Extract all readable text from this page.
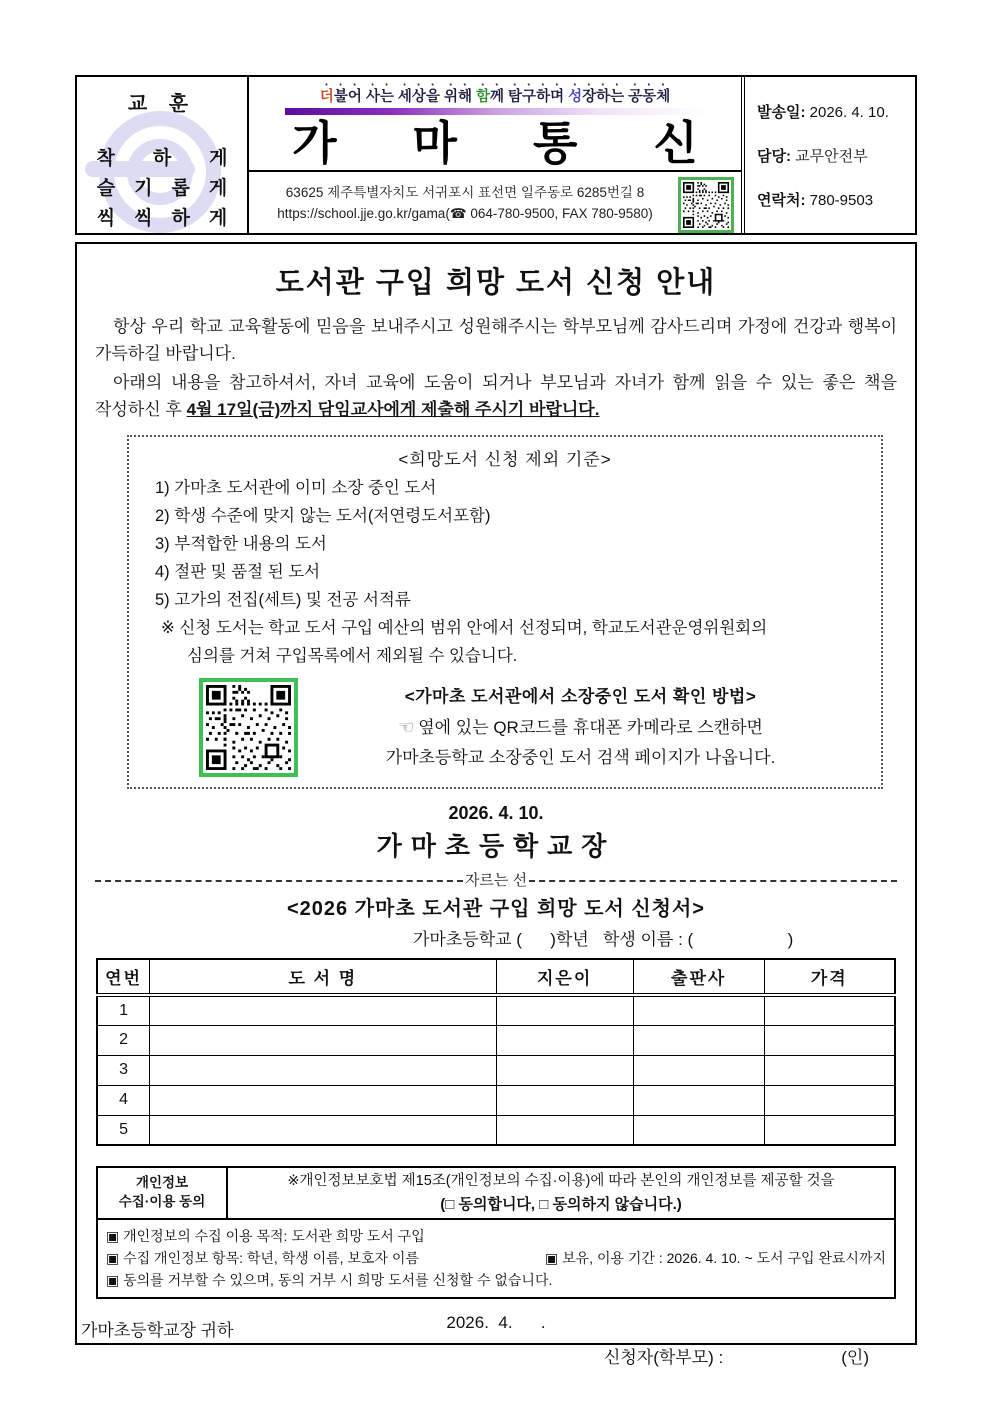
교 훈
착　　하　　게
슬　기　롭　게
씩　씩　하　게
더불어 사는 세상을 위해 함께 탐구하며 성장하는 공동체
가 마 통 신
63625 제주특별자치도 서귀포시 표선면 일주동로 6285번길 8
https://school.jje.go.kr/gama(☎ 064-780-9500, FAX 780-9580)
발송일: 2026. 4. 10.
담당: 교무안전부
연락처: 780-9503
도서관 구입 희망 도서 신청 안내

항상 우리 학교 교육활동에 믿음을 보내주시고 성원해주시는 학부모님께 감사드리며 가정에 건강과 행복이 가득하길 바랍니다.

아래의 내용을 참고하셔서, 자녀 교육에 도움이 되거나 부모님과 자녀가 함께 읽을 수 있는 좋은 책을 작성하신 후 4월 17일(금)까지 담임교사에게 제출해 주시기 바랍니다.

<희망도서 신청 제외 기준>
1) 가마초 도서관에 이미 소장 중인 도서
2) 학생 수준에 맞지 않는 도서(저연령도서포함)
3) 부적합한 내용의 도서
4) 절판 및 품절 된 도서
5) 고가의 전집(세트) 및 전공 서적류
※ 신청 도서는 학교 도서 구입 예산의 범위 안에서 선정되며, 학교도서관운영위원회의
심의를 거쳐 구입목록에서 제외될 수 있습니다.
<가마초 도서관에서 소장중인 도서 확인 방법>
☜ 옆에 있는 QR코드를 휴대폰 카메라로 스캔하면
가마초등학교 소장중인 도서 검색 페이지가 나옵니다.
2026. 4. 10.
가마초등학교장
자르는 선
<2026 가마초 도서관 구입 희망 도서 신청서>
가마초등학교 (      )학년   학생 이름 : (                    )
연번	도 서 명	지은이	출판사	가격
1				
2				
3				
4				
5				
개인정보
수집·이용 동의
※개인정보보호법 제15조(개인정보의 수집·이용)에 따라 본인의 개인정보를 제공할 것을
(□ 동의합니다, □ 동의하지 않습니다.)
▣ 개인정보의 수집 이용 목적: 도서관 희망 도서 구입
▣ 수집 개인정보 항목: 학년, 학생 이름, 보호자 이름	▣ 보유, 이용 기간 : 2026. 4. 10. ~ 도서 구입 완료시까지
▣ 동의를 거부할 수 있으며, 동의 거부 시 희망 도서를 신청할 수 없습니다.
2026.  4.      .
신청자(학부모) :	(인)
가마초등학교장 귀하
